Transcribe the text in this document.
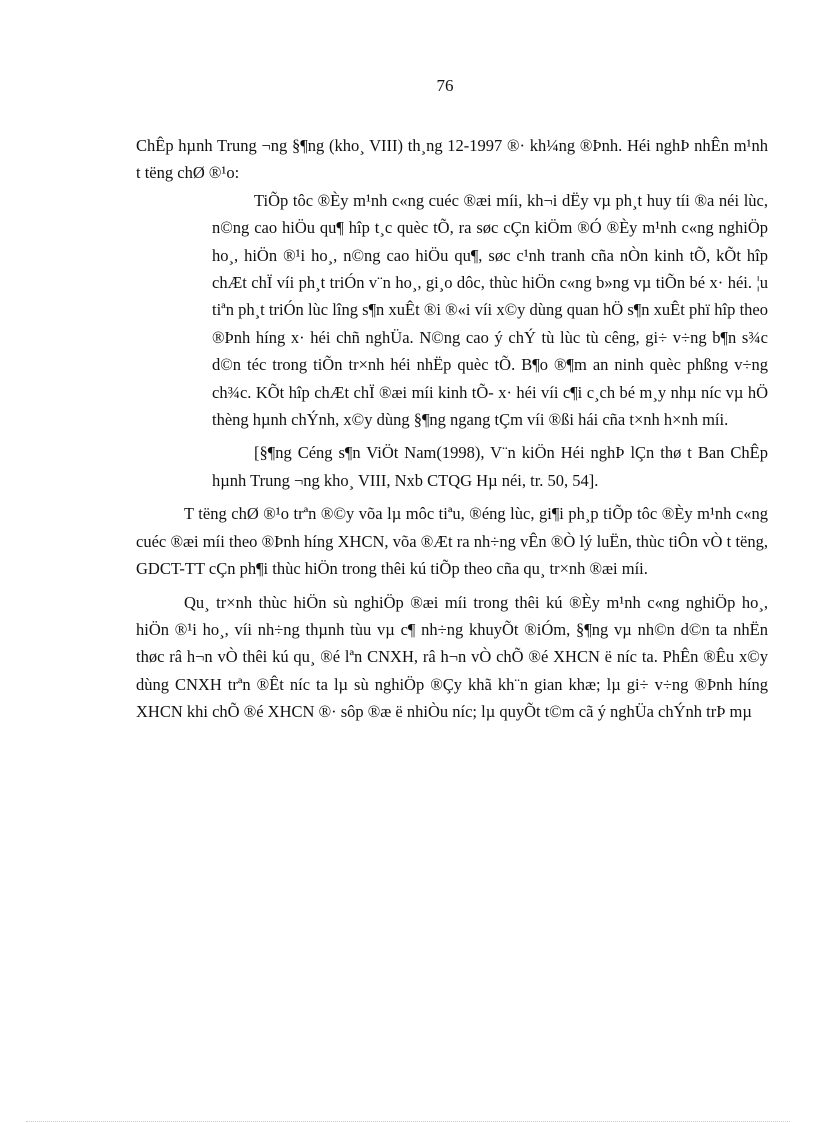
76

ChÊp hµnh Trung ¬ng §¶ng (kho¸ VIII) th¸ng 12-1997 ®· kh¼ng ®Þnh. Héi nghÞ nhÊn m¹nh t tëng chØ ®¹o:

TiÕp tôc ®Èy m¹nh c«ng cuéc ®æi míi, kh¬i dËy vµ ph¸t huy tíi ®a néi lùc, n©ng cao hiÖu qu¶ hîp t¸c quèc tÕ, ra søc cÇn kiÖm ®Ó ®Èy m¹nh c«ng nghiÖp ho¸, hiÖn ®¹i ho¸, n©ng cao hiÖu qu¶, søc c¹nh tranh cña nÒn kinh tÕ, kÕt hîp chÆt chÏ víi ph¸t triÓn v¨n ho¸, gi¸o dôc, thùc hiÖn c«ng b»ng vµ tiÕn bé x· héi. ¦u tiªn ph¸t triÓn lùc lîng s¶n xuÊt ®i ®«i víi x©y dùng quan hÖ s¶n xuÊt phï hîp theo ®Þnh híng x· héi chñ nghÜa. N©ng cao ý chÝ tù lùc tù cêng, gi÷ v÷ng b¶n s¾c d©n téc trong tiÕn tr×nh héi nhËp quèc tÕ. B¶o ®¶m an ninh quèc phßng v÷ng ch¾c. KÕt hîp chÆt chÏ ®æi míi kinh tÕ- x· héi víi c¶i c¸ch bé m¸y nhµ níc vµ hÖ thèng hµnh chÝnh, x©y dùng §¶ng ngang tÇm víi ®ßi hái cña t×nh h×nh míi.

[§¶ng Céng s¶n ViÖt Nam(1998), V¨n kiÖn Héi nghÞ lÇn thø t Ban ChÊp hµnh Trung ¬ng kho¸ VIII, Nxb CTQG Hµ néi, tr. 50, 54].

T tëng chØ ®¹o trªn ®©y võa lµ môc tiªu, ®éng lùc, gi¶i ph¸p tiÕp tôc ®Èy m¹nh c«ng cuéc ®æi míi theo ®Þnh híng XHCN, võa ®Æt ra nh÷ng vÊn ®Ò lý luËn, thùc tiÔn vÒ t tëng, GDCT-TT cÇn ph¶i thùc hiÖn trong thêi kú tiÕp theo cña qu¸ tr×nh ®æi míi.

Qu¸ tr×nh thùc hiÖn sù nghiÖp ®æi míi trong thêi kú ®Èy m¹nh c«ng nghiÖp ho¸, hiÖn ®¹i ho¸, víi nh÷ng thµnh tùu vµ c¶ nh÷ng khuyÕt ®iÓm, §¶ng vµ nh©n d©n ta nhËn thøc râ h¬n vÒ thêi kú qu¸ ®é lªn CNXH, râ h¬n vÒ chÕ ®é XHCN ë níc ta. PhÊn ®Êu x©y dùng CNXH trªn ®Êt níc ta lµ sù nghiÖp ®Çy khã kh¨n gian khæ; lµ gi÷ v÷ng ®Þnh híng XHCN khi chÕ ®é XHCN ®· sôp ®æ ë nhiÒu níc; lµ quyÕt t©m cã ý nghÜa chÝnh trÞ mµ
